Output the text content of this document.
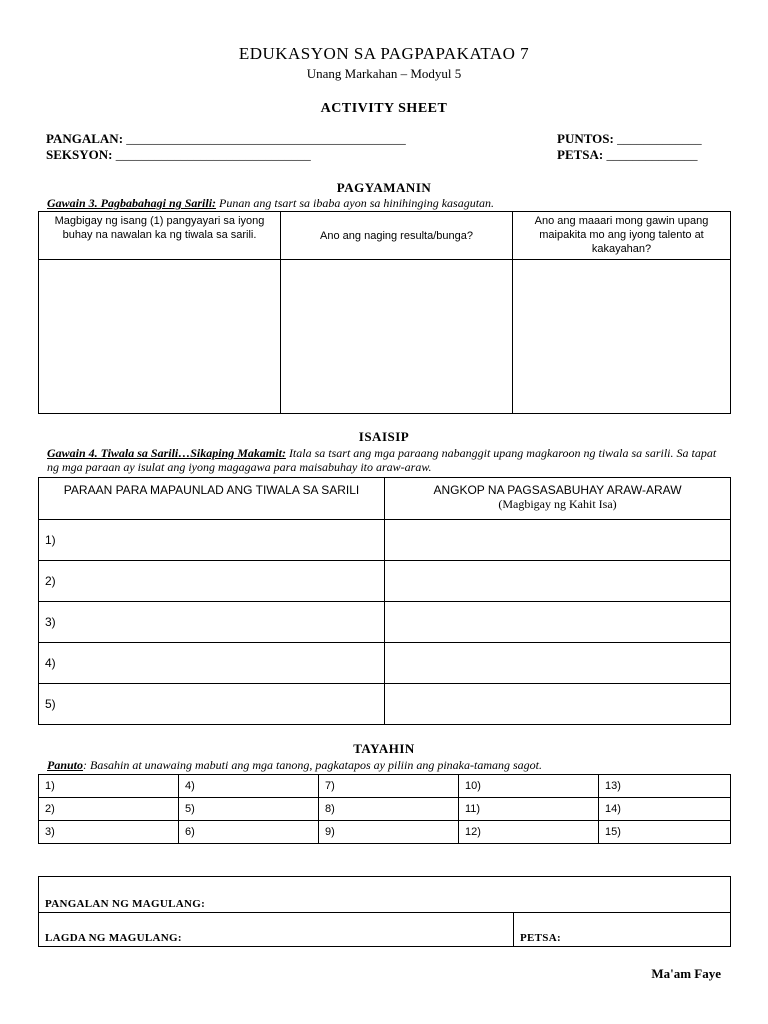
EDUKASYON SA PAGPAPAKATAO 7
Unang Markahan – Modyul 5
ACTIVITY SHEET
PANGALAN: ___________________________________________
SEKSYON: ______________________________
PUNTOS: _____________
PETSA: ______________
PAGYAMANIN
Gawain 3. Pagbabahagi ng Sarili: Punan ang tsart sa ibaba ayon sa hinihinging kasagutan.
Magbigay ng isang (1) pangyayari sa iyong buhay na nawalan ka ng tiwala sa sarili.	Ano ang naging resulta/bunga?	Ano ang maaari mong gawin upang maipakita mo ang iyong talento at kakayahan?

ISAISIP
Gawain 4. Tiwala sa Sarili…Sikaping Makamit: Itala sa tsart ang mga paraang nabanggit upang magkaroon ng tiwala sa sarili. Sa tapat ng mga paraan ay isulat ang iyong magagawa para maisabuhay ito araw-araw.
PARAAN PARA MAPAUNLAD ANG TIWALA SA SARILI	ANGKOP NA PAGSASABUHAY ARAW-ARAW
(Magbigay ng Kahit Isa)

1)	
2)	
3)	
4)	
5)	
TAYAHIN
Panuto: Basahin at unawaing mabuti ang mga tanong, pagkatapos ay piliin ang pinaka-tamang sagot.
1)	4)	7)	10)	13)
2)	5)	8)	11)	14)
3)	6)	9)	12)	15)
PANGALAN NG MAGULANG:
LAGDA NG MAGULANG:	PETSA:
Ma'am Faye
